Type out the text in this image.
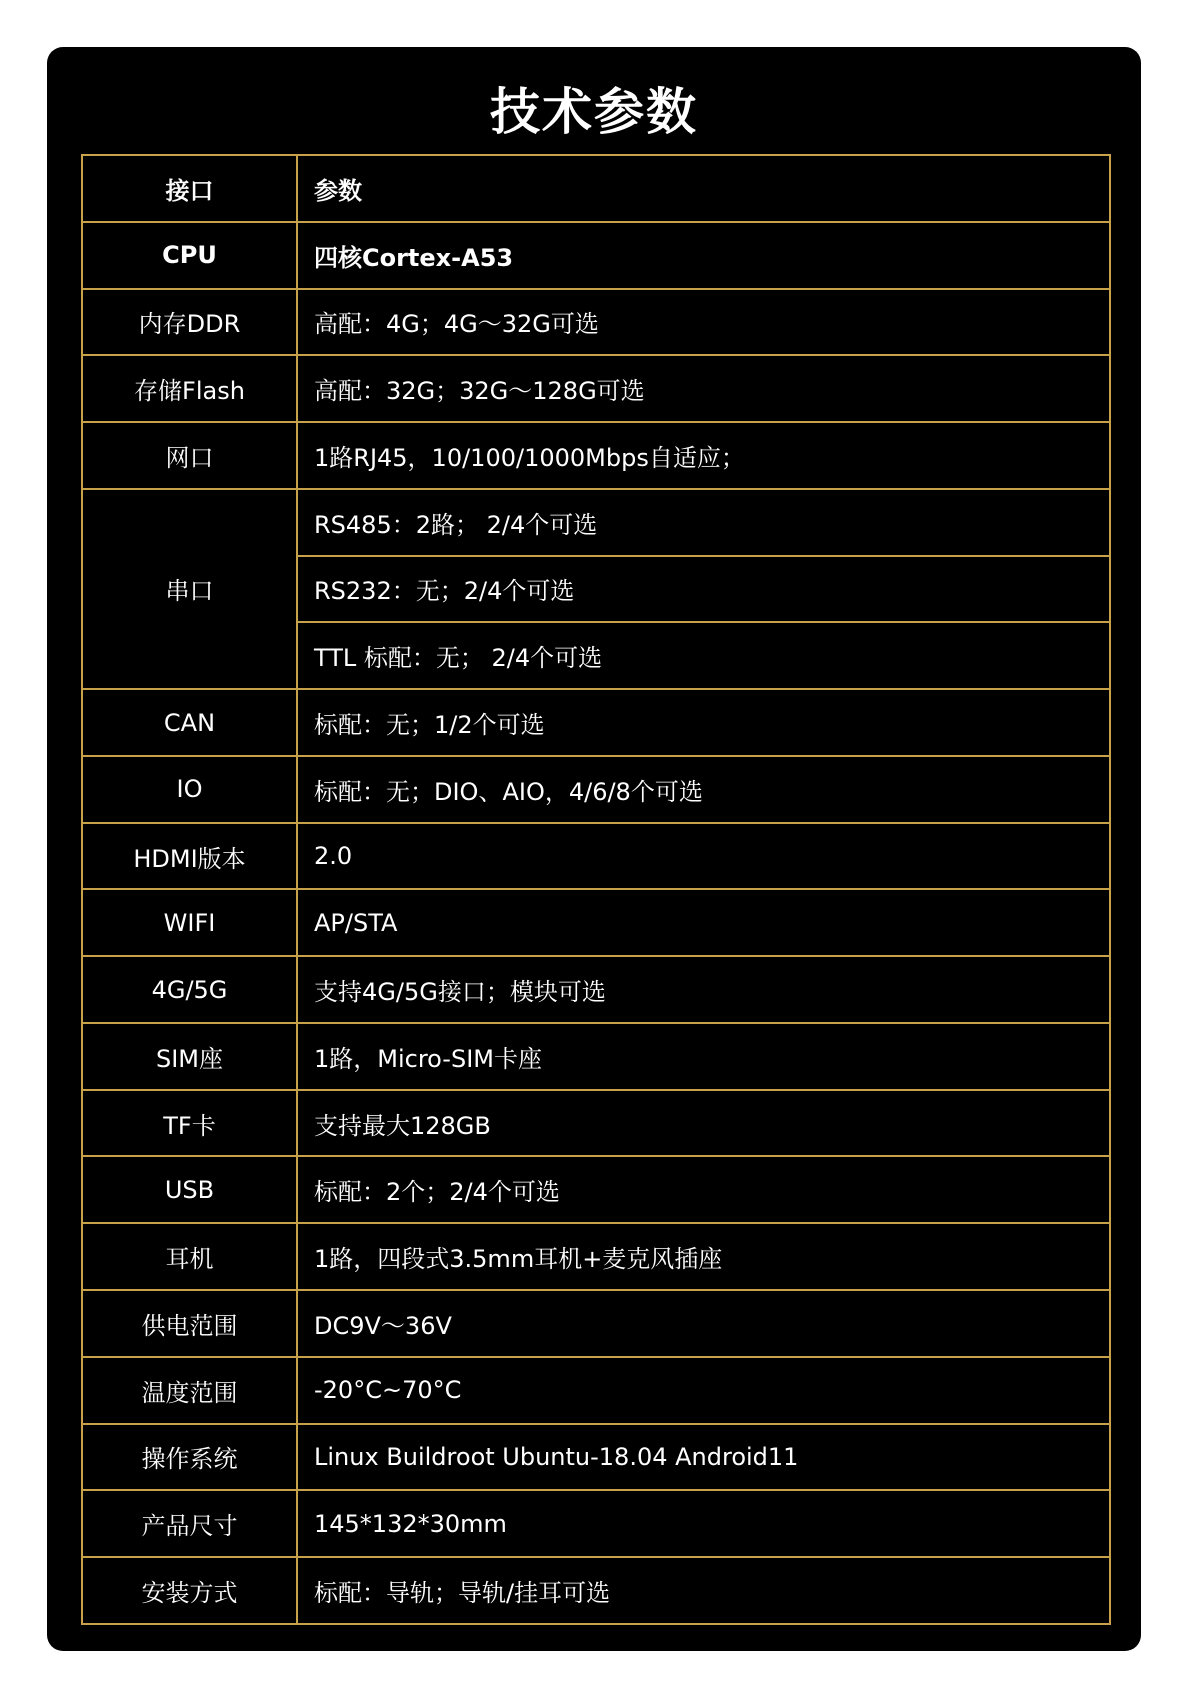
技术参数
接口	参数
CPU	四核Cortex-A53
内存DDR	高配：4G；4G～32G可选
存储Flash	高配：32G；32G～128G可选
网口	1路RJ45，10/100/1000Mbps自适应；
串口	RS485：2路； 2/4个可选
	RS232：无；2/4个可选
	TTL 标配：无； 2/4个可选
CAN	标配：无；1/2个可选
IO	标配：无；DIO、AIO，4/6/8个可选
HDMI版本	2.0
WIFI	AP/STA
4G/5G	支持4G/5G接口；模块可选
SIM座	1路，Micro-SIM卡座
TF卡	支持最大128GB
USB	标配：2个；2/4个可选
耳机	1路，四段式3.5mm耳机+麦克风插座
供电范围	DC9V～36V
温度范围	-20°C~70°C
操作系统	Linux Buildroot Ubuntu-18.04 Android11
产品尺寸	145*132*30mm
安装方式	标配：导轨；导轨/挂耳可选
